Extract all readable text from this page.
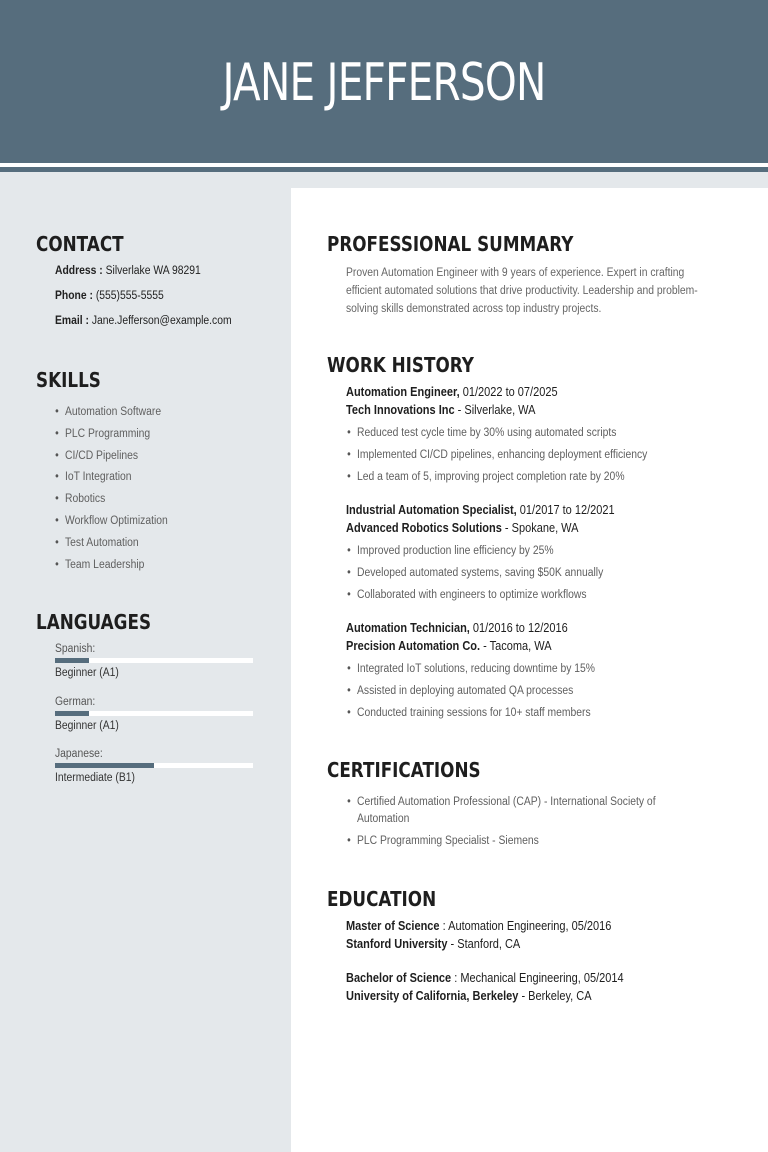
JANE JEFFERSON
CONTACT
Address : Silverlake WA 98291
Phone : (555)555-5555
Email : Jane.Jefferson@example.com
SKILLS
• Automation Software
• PLC Programming
• CI/CD Pipelines
• IoT Integration
• Robotics
• Workflow Optimization
• Test Automation
• Team Leadership
LANGUAGES
Spanish:
Beginner (A1)
German:
Beginner (A1)
Japanese:
Intermediate (B1)
PROFESSIONAL SUMMARY
Proven Automation Engineer with 9 years of experience. Expert in crafting
efficient automated solutions that drive productivity. Leadership and problem-
solving skills demonstrated across top industry projects.
WORK HISTORY
Automation Engineer, 01/2022 to 07/2025
Tech Innovations Inc - Silverlake, WA
• Reduced test cycle time by 30% using automated scripts
• Implemented CI/CD pipelines, enhancing deployment efficiency
• Led a team of 5, improving project completion rate by 20%
Industrial Automation Specialist, 01/2017 to 12/2021
Advanced Robotics Solutions - Spokane, WA
• Improved production line efficiency by 25%
• Developed automated systems, saving $50K annually
• Collaborated with engineers to optimize workflows
Automation Technician, 01/2016 to 12/2016
Precision Automation Co. - Tacoma, WA
• Integrated IoT solutions, reducing downtime by 15%
• Assisted in deploying automated QA processes
• Conducted training sessions for 10+ staff members
CERTIFICATIONS
• Certified Automation Professional (CAP) - International Society of Automation
• PLC Programming Specialist - Siemens
EDUCATION
Master of Science : Automation Engineering, 05/2016
Stanford University - Stanford, CA
Bachelor of Science : Mechanical Engineering, 05/2014
University of California, Berkeley - Berkeley, CA
